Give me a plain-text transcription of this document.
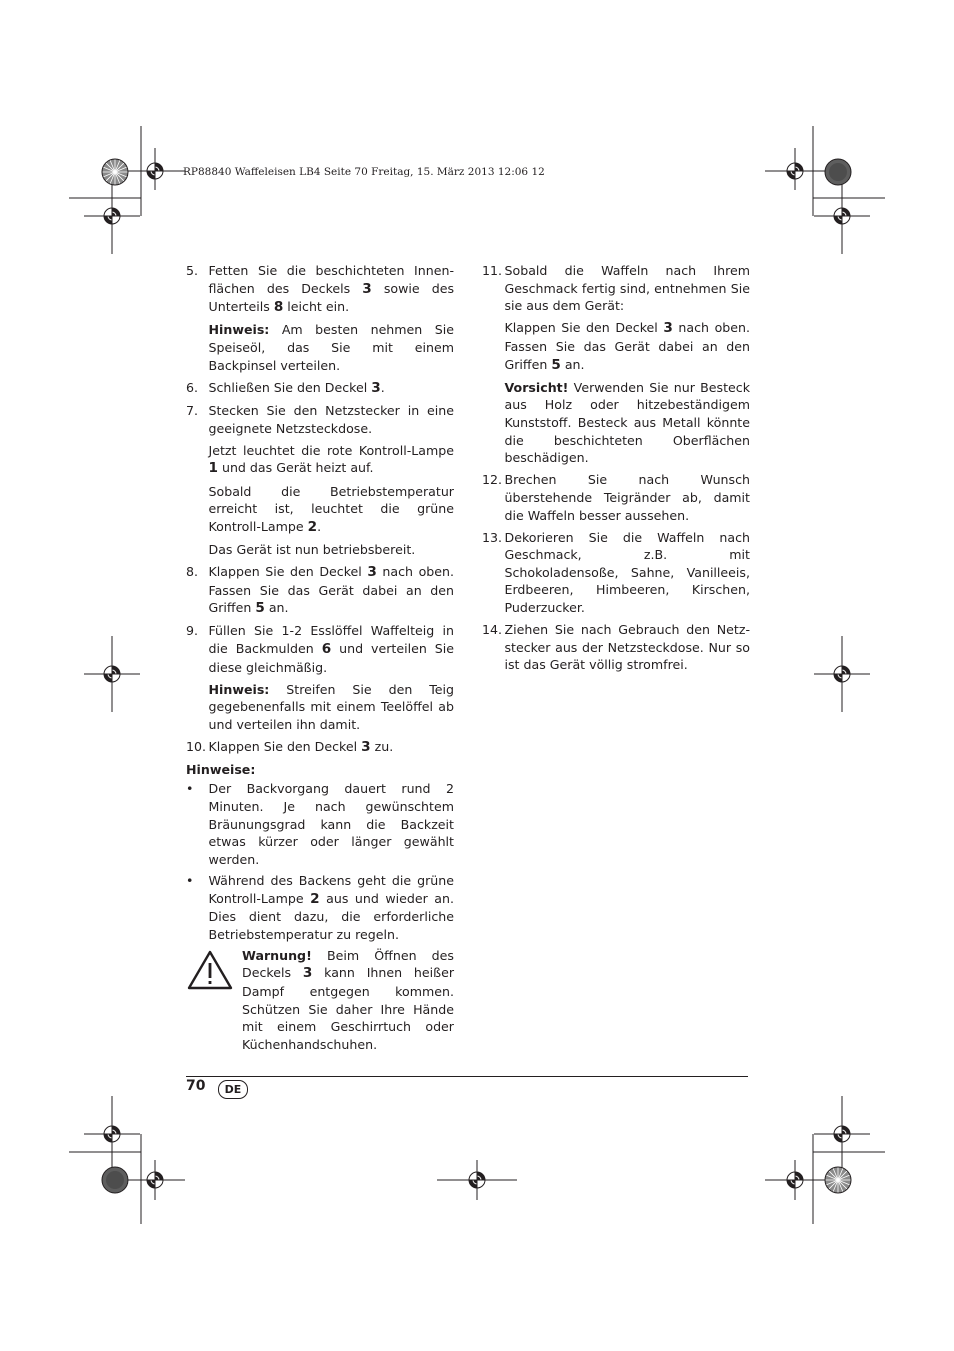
RP88840 Waffeleisen LB4 Seite 70 Freitag, 15. März 2013 12:06 12
5. Fetten Sie die beschichteten Innenflächen des Deckels 3 sowie des Unterteils 8 leicht ein.
Hinweis: Am besten nehmen Sie Speiseöl, das Sie mit einem Backpinsel verteilen.
6. Schließen Sie den Deckel 3.
7. Stecken Sie den Netzstecker in eine geeignete Netzsteckdose.
Jetzt leuchtet die rote Kontroll-Lampe 1 und das Gerät heizt auf.
Sobald die Betriebstemperatur erreicht ist, leuchtet die grüne Kontroll-Lampe 2.
Das Gerät ist nun betriebsbereit.
8. Klappen Sie den Deckel 3 nach oben. Fassen Sie das Gerät dabei an den Griffen 5 an.
9. Füllen Sie 1-2 Esslöffel Waffelteig in die Backmulden 6 und verteilen Sie diese gleichmäßig.
Hinweis: Streifen Sie den Teig gegebenenfalls mit einem Teelöffel ab und verteilen ihn damit.
10. Klappen Sie den Deckel 3 zu.
Hinweise:
•	Der Backvorgang dauert rund 2 Minuten. Je nach gewünschtem Bräunungsgrad kann die Backzeit etwas kürzer oder länger gewählt werden.
•	Während des Backens geht die grüne Kontroll-Lampe 2 aus und wieder an. Dies dient dazu, die erforderliche Betriebstemperatur zu regeln.
Warnung! Beim Öffnen des Deckels 3 kann Ihnen heißer Dampf entgegen kommen. Schützen Sie daher Ihre Hände mit einem Geschirrtuch oder Küchenhandschuhen.
11. Sobald die Waffeln nach Ihrem Geschmack fertig sind, entnehmen Sie sie aus dem Gerät:
Klappen Sie den Deckel 3 nach oben. Fassen Sie das Gerät dabei an den Griffen 5 an.
Vorsicht! Verwenden Sie nur Besteck aus Holz oder hitzebeständigem Kunststoff. Besteck aus Metall könnte die beschichteten Oberflächen beschädigen.
12. Brechen Sie nach Wunsch überstehende Teigränder ab, damit die Waffeln besser aussehen.
13. Dekorieren Sie die Waffeln nach Geschmack, z.B. mit Schokoladensoße, Sahne, Vanilleeis, Erdbeeren, Himbeeren, Kirschen, Puderzucker.
14. Ziehen Sie nach Gebrauch den Netzstecker aus der Netzsteckdose. Nur so ist das Gerät völlig stromfrei.
70	DE
